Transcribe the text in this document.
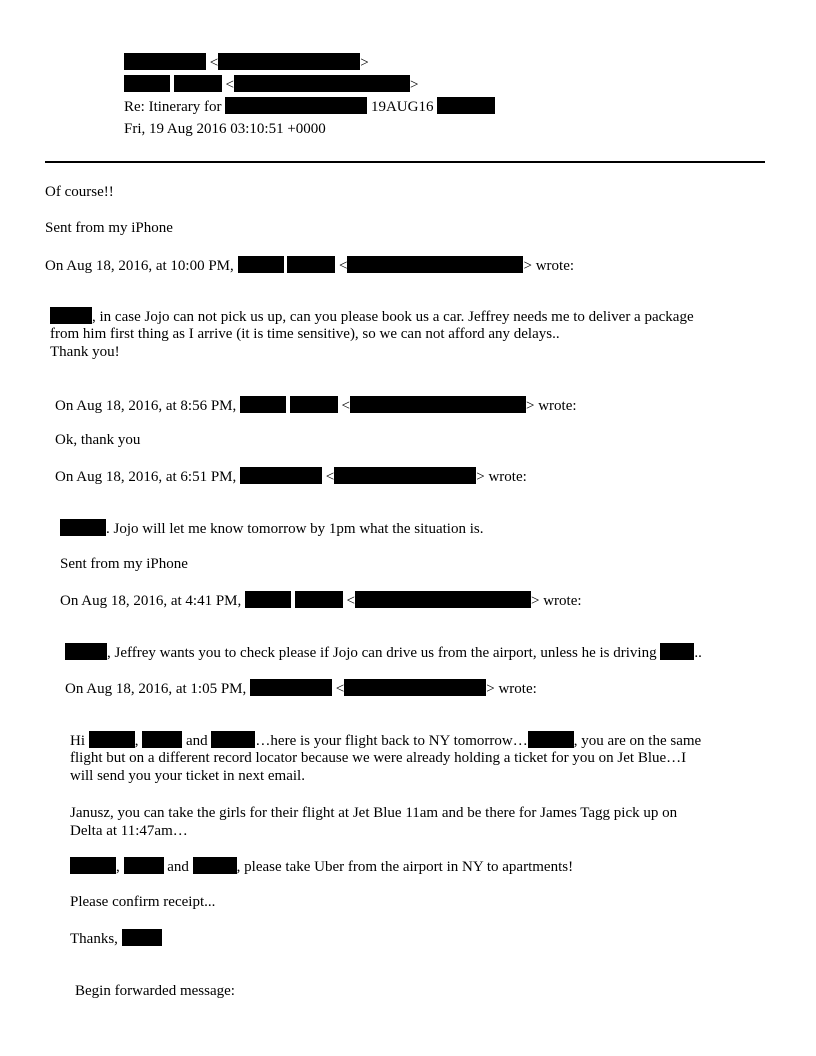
<	>
<	>
Re: Itinerary for	19AUG16
Fri, 19 Aug 2016 03:10:51 +0000
Of course!!
Sent from my iPhone
On Aug 18, 2016, at 10:00 PM,	<	> wrote:
, in case Jojo can not pick us up, can you please book us a car. Jeffrey needs me to deliver a package
from him first thing as I arrive (it is time sensitive), so we can not afford any delays..
Thank you!
On Aug 18, 2016, at 8:56 PM,	<	> wrote:
Ok, thank you
On Aug 18, 2016, at 6:51 PM,	<	> wrote:
. Jojo will let me know tomorrow by 1pm what the situation is.
Sent from my iPhone
On Aug 18, 2016, at 4:41 PM,	<	> wrote:
, Jeffrey wants you to check please if Jojo can drive us from the airport, unless he is driving	..
On Aug 18, 2016, at 1:05 PM,	<	> wrote:
Hi	,	and	…here is your flight back to NY tomorrow…	, you are on the same
flight but on a different record locator because we were already holding a ticket for you on Jet Blue…I
will send you your ticket in next email.
Janusz, you can take the girls for their flight at Jet Blue 11am and be there for James Tagg pick up on
Delta at 11:47am…
,	and	, please take Uber from the airport in NY to apartments!
Please confirm receipt...
Thanks,
Begin forwarded message:
